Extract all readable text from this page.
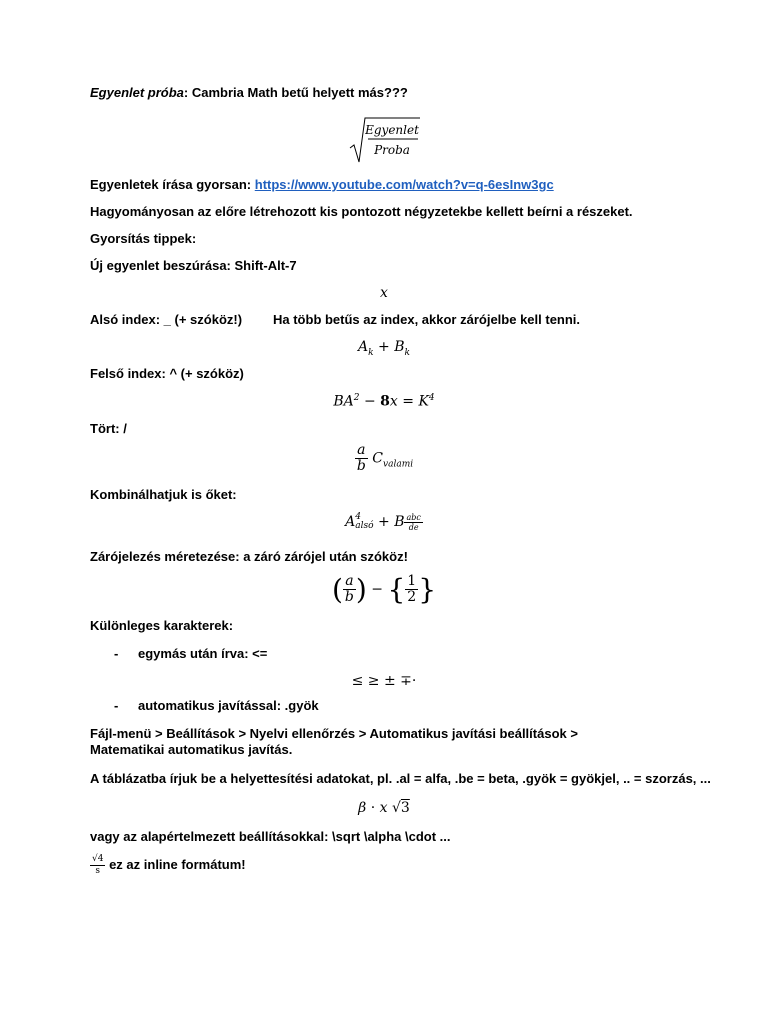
Egyenlet próba: Cambria Math betű helyett más???
Egyenlet
Proba
Egyenletek írása gyorsan: https://www.youtube.com/watch?v=q-6esInw3gc
Hagyományosan az előre létrehozott kis pontozott négyzetekbe kellett beírni a részeket.
Gyorsítás tippek:
Új egyenlet beszúrása: Shift-Alt-7
x
Alsó index: _ (+ szóköz!) Ha több betűs az index, akkor zárójelbe kell tenni.
$A_k + B_k$
Felső index: ^ (+ szóköz)
$BA^2 - 8x = K^4$
Tört: /
$\frac{a}{b} C_{valami}$
Kombinálhatjuk is őket:
A 4
alsó + B $\frac{\text{abc}}{de}$
Zárójelezés méretezése: a záró zárójel után szóköz!
( $\frac{a}{b}$ ) − { $\frac{1}{2}$ }
Különleges karakterek:
- egymás után írva: <=
≤ ≥ ± ∓·
- automatikus javítással: .gyök
Fájl-menü > Beállítások > Nyelvi ellenőrzés > Automatikus javítási beállítások > Matematikai automatikus javítás.
A táblázatba írjuk be a helyettesítési adatokat, pl. .al = alfa, .be = beta, .gyök = gyökjel, .. = szorzás, ...
β · x √3
vagy az alapértelmezett beállításokkal: \sqrt \alpha \cdot ...
$\frac{√4}{s}$ ez az inline formátum!
